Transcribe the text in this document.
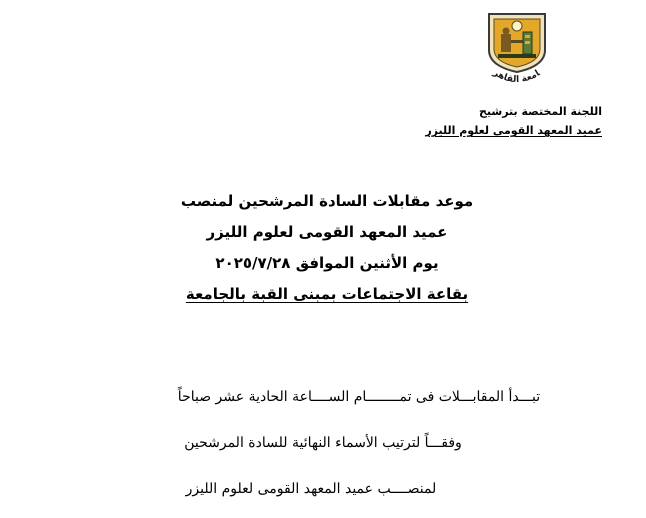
امعة القاهر
اللجنة المختصة بترشيح
عميد المعهد القومى لعلوم الليزر
موعد مقابلات السادة المرشحين لمنصب
عميد المعهد القومى لعلوم الليزر
يوم الأثنين الموافق ٢٠٢٥/٧/٢٨
بقاعة الاجتماعات بمبنى القبة بالجامعة
تبـــدأ المقابـــلات فى تمــــــــام الســــاعة الحادية عشر صباحاً
وفقـــاً لترتيب الأسماء النهائية للسادة المرشحين
لمنصــــب عميد المعهد القومى لعلوم الليزر
